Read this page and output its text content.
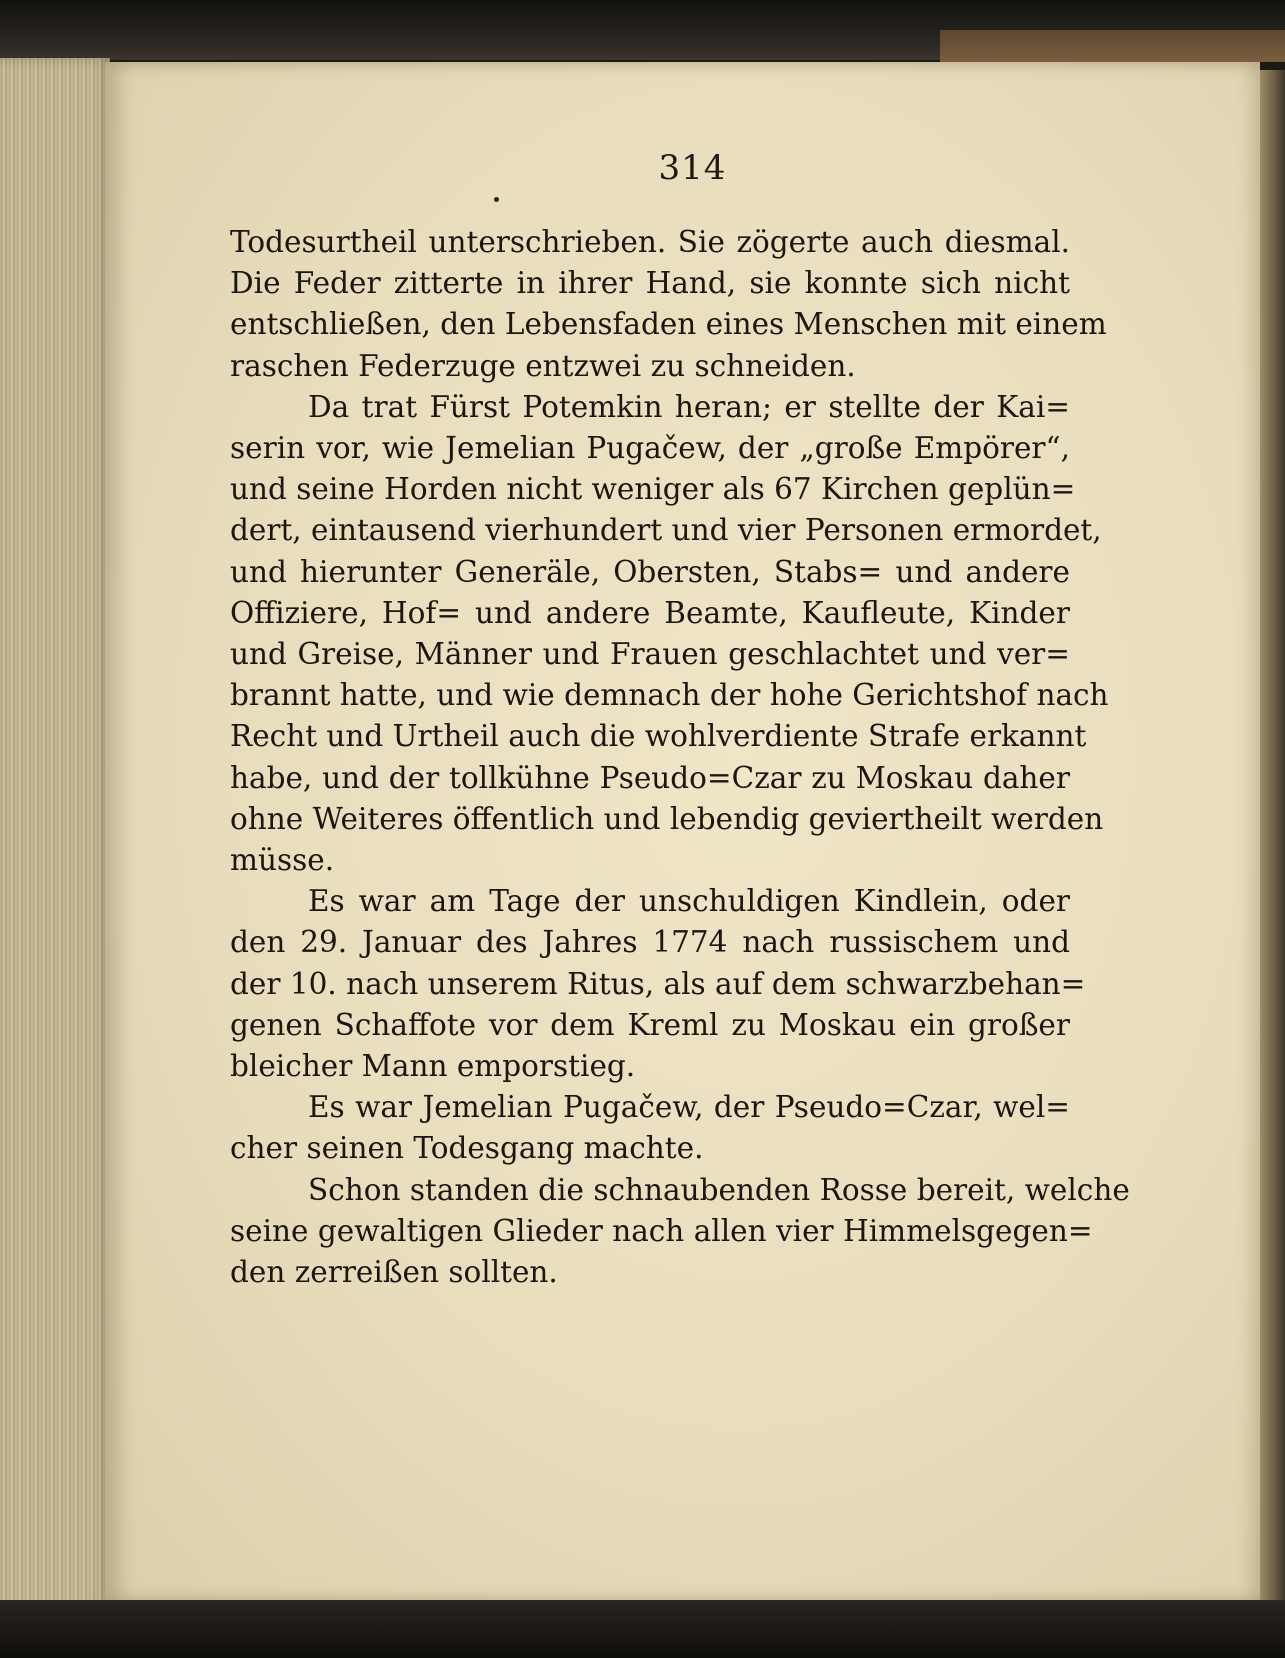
314
Todesurtheil unterschrieben. Sie zögerte auch diesmal.
Die Feder zitterte in ihrer Hand, sie konnte sich nicht
entschließen, den Lebensfaden eines Menschen mit einem
raschen Federzuge entzwei zu schneiden.
Da trat Fürst Potemkin heran; er stellte der Kai=
serin vor, wie Jemelian Pugačew, der „große Empörer“,
und seine Horden nicht weniger als 67 Kirchen geplün=
dert, eintausend vierhundert und vier Personen ermordet,
und hierunter Generäle, Obersten, Stabs= und andere
Offiziere, Hof= und andere Beamte, Kaufleute, Kinder
und Greise, Männer und Frauen geschlachtet und ver=
brannt hatte, und wie demnach der hohe Gerichtshof nach
Recht und Urtheil auch die wohlverdiente Strafe erkannt
habe, und der tollkühne Pseudo=Czar zu Moskau daher
ohne Weiteres öffentlich und lebendig geviertheilt werden
müsse.
Es war am Tage der unschuldigen Kindlein, oder
den 29. Januar des Jahres 1774 nach russischem und
der 10. nach unserem Ritus, als auf dem schwarzbehan=
genen Schaffote vor dem Kreml zu Moskau ein großer
bleicher Mann emporstieg.
Es war Jemelian Pugačew, der Pseudo=Czar, wel=
cher seinen Todesgang machte.
Schon standen die schnaubenden Rosse bereit, welche
seine gewaltigen Glieder nach allen vier Himmelsgegen=
den zerreißen sollten.
